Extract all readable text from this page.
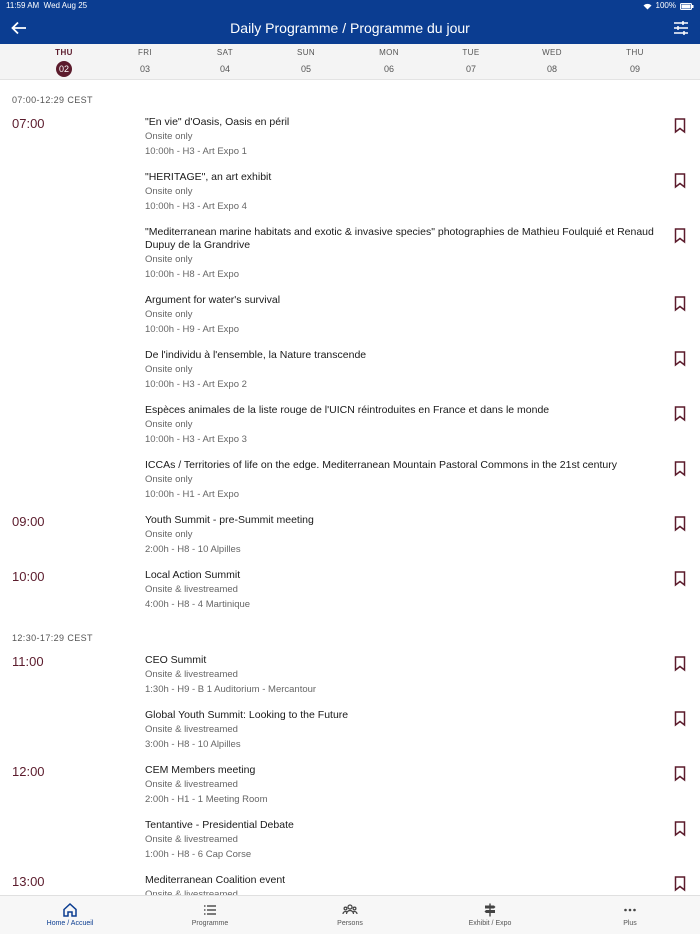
11:59 AM Wed Aug 25	100%
Daily Programme / Programme du jour
THU
02
FRI
03
SAT
04
SUN
05
MON
06
TUE
07
WED
08
THU
09
07:00-12:29 CEST
07:00	"En vie" d'Oasis, Oasis en péril
Onsite only
10:00h - H3 - Art Expo 1
"HERITAGE", an art exhibit
Onsite only
10:00h - H3 - Art Expo 4
"Mediterranean marine habitats and exotic & invasive species" photographies de Mathieu Foulquié et Renaud Dupuy de la Grandrive
Onsite only
10:00h - H8 - Art Expo
Argument for water's survival
Onsite only
10:00h - H9 - Art Expo
De l'individu à l'ensemble, la Nature transcende
Onsite only
10:00h - H3 - Art Expo 2
Espèces animales de la liste rouge de l'UICN réintroduites en France et dans le monde
Onsite only
10:00h - H3 - Art Expo 3
ICCAs / Territories of life on the edge. Mediterranean Mountain Pastoral Commons in the 21st century
Onsite only
10:00h - H1 - Art Expo
09:00	Youth Summit - pre-Summit meeting
Onsite only
2:00h - H8 - 10 Alpilles
10:00	Local Action Summit
Onsite & livestreamed
4:00h - H8 - 4 Martinique
12:30-17:29 CEST
11:00	CEO Summit
Onsite & livestreamed
1:30h - H9 - B 1 Auditorium - Mercantour
Global Youth Summit: Looking to the Future
Onsite & livestreamed
3:00h - H8 - 10 Alpilles
12:00	CEM Members meeting
Onsite & livestreamed
2:00h - H1 - 1 Meeting Room
Tentantive - Presidential Debate
Onsite & livestreamed
1:00h - H8 - 6 Cap Corse
13:00	Mediterranean Coalition event
Home / Accueil	Programme	Persons	Exhibit / Expo	Plus
